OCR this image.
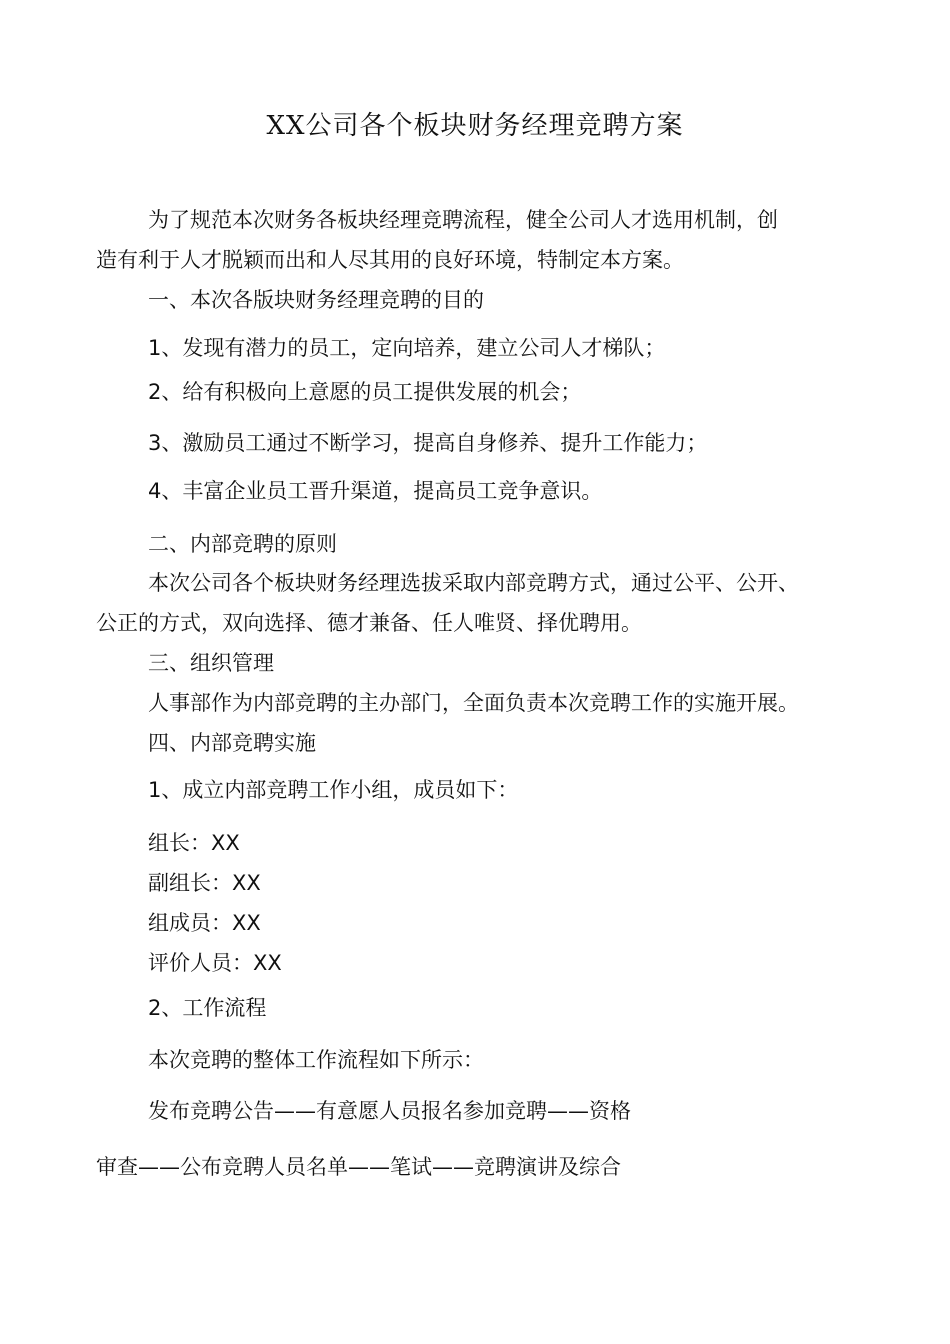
XX公司各个板块财务经理竞聘方案
为了规范本次财务各板块经理竞聘流程，健全公司人才选用机制，创
造有利于人才脱颖而出和人尽其用的良好环境，特制定本方案。
一、本次各版块财务经理竞聘的目的
1、发现有潜力的员工，定向培养，建立公司人才梯队；
2、给有积极向上意愿的员工提供发展的机会；
3、激励员工通过不断学习，提高自身修养、提升工作能力；
4、丰富企业员工晋升渠道，提高员工竞争意识。
二、内部竞聘的原则
本次公司各个板块财务经理选拔采取内部竞聘方式，通过公平、公开、
公正的方式，双向选择、德才兼备、任人唯贤、择优聘用。
三、组织管理
人事部作为内部竞聘的主办部门，全面负责本次竞聘工作的实施开展。
四、内部竞聘实施
1、成立内部竞聘工作小组，成员如下：
组长：XX
副组长：XX
组成员：XX
评价人员：XX
2、工作流程
本次竞聘的整体工作流程如下所示：
发布竞聘公告——有意愿人员报名参加竞聘——资格
审查——公布竞聘人员名单——笔试——竞聘演讲及综合
